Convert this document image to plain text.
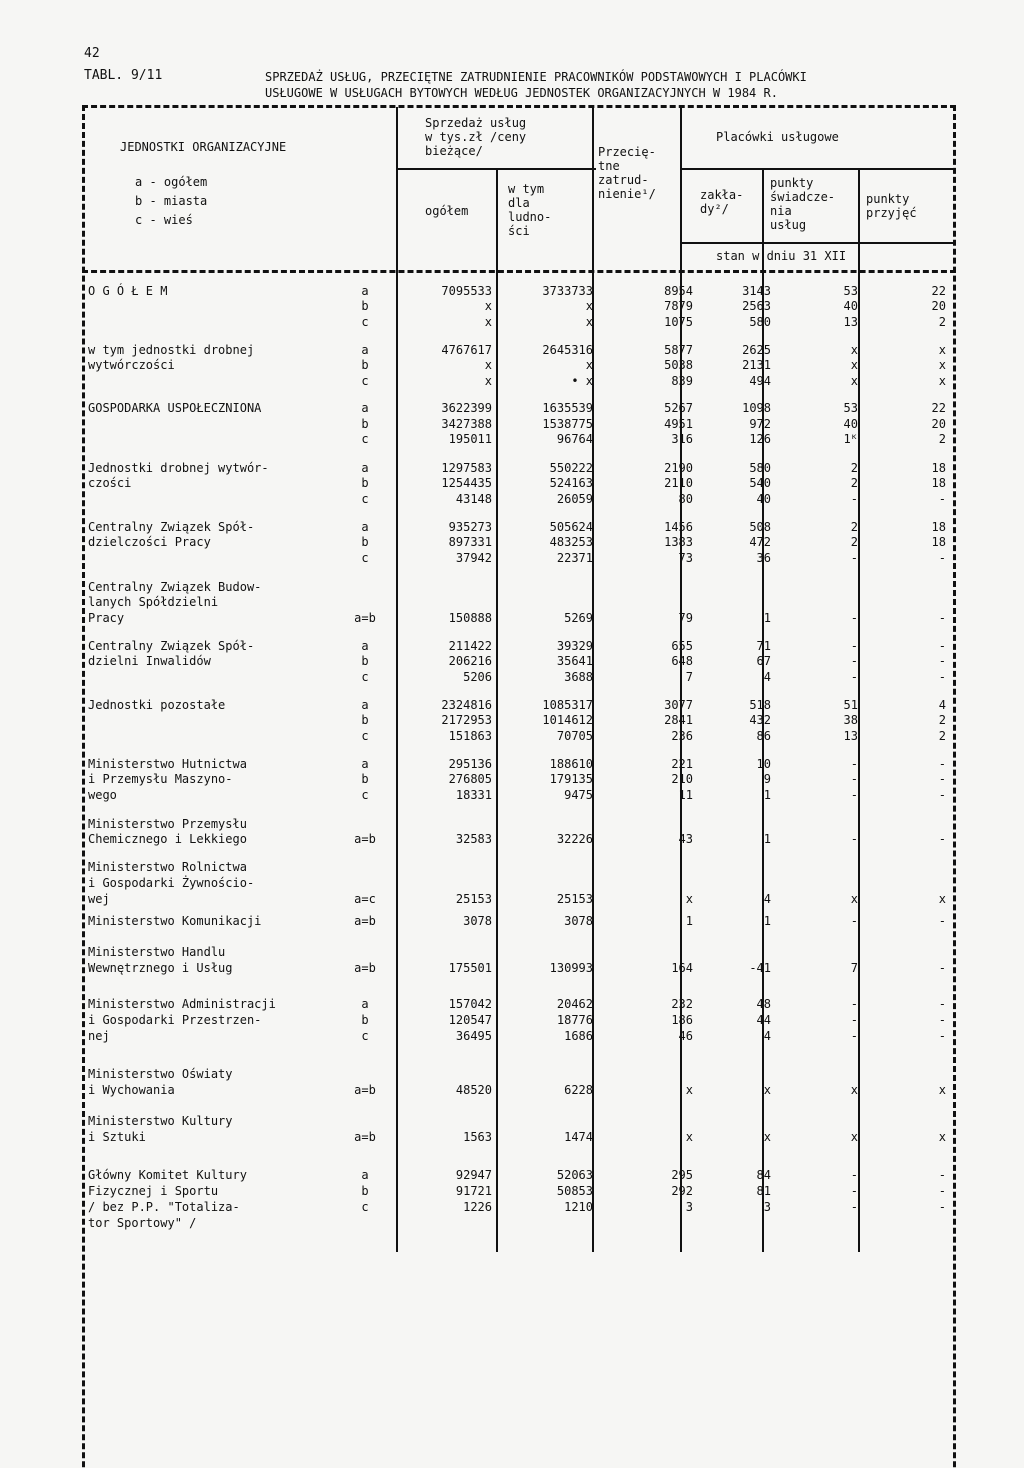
42
TABL. 9/11	SPRZEDAŻ USŁUG, PRZECIĘTNE ZATRUDNIENIE PRACOWNIKÓW PODSTAWOWYCH I PLACÓWKI
USŁUGOWE W USŁUGACH BYTOWYCH WEDŁUG JEDNOSTEK ORGANIZACYJNYCH W 1984 R.
JEDNOSTKI ORGANIZACYJNE
a - ogółem
b - miasta
c - wieś
Sprzedaż usług
w tys.zł /ceny
bieżące/
ogółem
w tym
dla
ludno-
ści
Przecię-
tne
zatrud-
nienie¹/
Placówki usługowe
zakła-
dy²/
punkty
świadcze-
nia
usług
punkty
przyjęć
stan w dniu 31 XII
O G Ó Ł E M	a	7095533	3733733	8954	3143	53	22
b	x	x	7879	2563	40	20
c	x	x	1075	580	13	2
w tym jednostki drobnej	a	4767617	2645316	5877	2625	x	x
wytwórczości	b	x	x	5038	2131	x	x
c	x	• x	839	494	x	x
GOSPODARKA USPOŁECZNIONA	a	3622399	1635539	5267	1098	53	22
b	3427388	1538775	4951	972	40	20
c	195011	96764	316	126	1ᴷ	2
Jednostki drobnej wytwór-	a	1297583	550222	2190	580	2	18
czości	b	1254435	524163	2110	540	2	18
c	43148	26059	80	40	-	-
Centralny Związek Spół-	a	935273	505624	1456	508	2	18
dzielczości Pracy	b	897331	483253	1383	472	2	18
c	37942	22371	73	36	-	-
Centralny Związek Budow-
lanych Spółdzielni
Pracy	a=b	150888	5269	79	1	-	-
Centralny Związek Spół-	a	211422	39329	655	71	-	-
dzielni Inwalidów	b	206216	35641	648	67	-	-
c	5206	3688	7	4	-	-
Jednostki pozostałe	a	2324816	1085317	3077	518	51	4
b	2172953	1014612	2841	432	38	2
c	151863	70705	236	86	13	2
Ministerstwo Hutnictwa	a	295136	188610	221	10	-	-
i Przemysłu Maszyno-	b	276805	179135	210	9	-	-
wego	c	18331	9475	11	1	-	-
Ministerstwo Przemysłu
Chemicznego i Lekkiego	a=b	32583	32226	43	1	-	-
Ministerstwo Rolnictwa
i Gospodarki Żywnościo-
wej	a=c	25153	25153	x	4	x	x
Ministerstwo Komunikacji	a=b	3078	3078	1	1	-	-
Ministerstwo Handlu
Wewnętrznego i Usług	a=b	175501	130993	164	-41	7	-
Ministerstwo Administracji	a	157042	20462	232	48	-	-
i Gospodarki Przestrzen-	b	120547	18776	186	44	-	-
nej	c	36495	1686	46	4	-	-
Ministerstwo Oświaty
i Wychowania	a=b	48520	6228	x	x	x	x
Ministerstwo Kultury
i Sztuki	a=b	1563	1474	x	x	x	x
Główny Komitet Kultury	a	92947	52063	295	84	-	-
Fizycznej i Sportu	b	91721	50853	292	81	-	-
/ bez P.P. "Totaliza-	c	1226	1210	3	3	-	-
tor Sportowy" /
